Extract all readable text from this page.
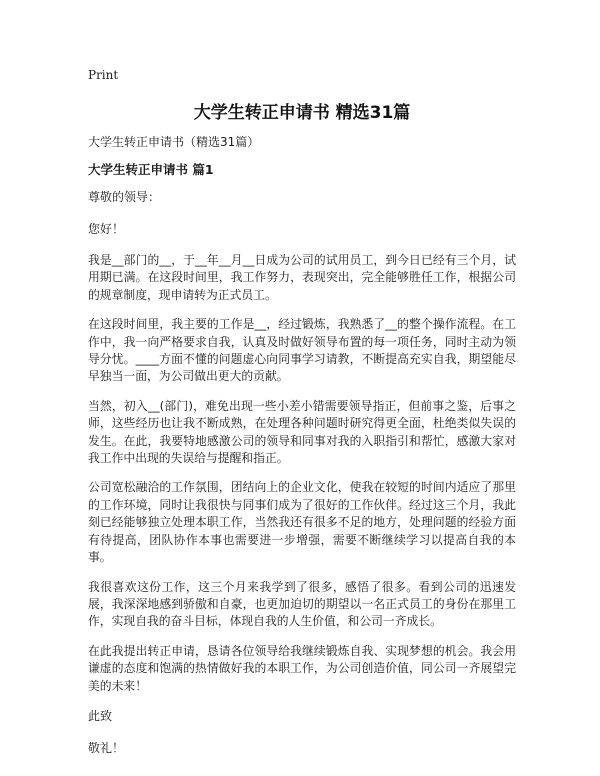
Print
大学生转正申请书 精选31篇
大学生转正申请书（精选31篇）
大学生转正申请书 篇1
尊敬的领导：
您好！

我是__部门的__，于__年__月__日成为公司的试用员工，到今日已经有三个月，试用期已满。在这段时间里，我工作努力，表现突出，完全能够胜任工作，根据公司的规章制度，现申请转为正式员工。

在这段时间里，我主要的工作是__，经过锻炼，我熟悉了__的整个操作流程。在工作中，我一向严格要求自我，认真及时做好领导布置的每一项任务，同时主动为领导分忧。____方面不懂的问题虚心向同事学习请教，不断提高充实自我，期望能尽早独当一面，为公司做出更大的贡献。

当然，初入__(部门)，难免出现一些小差小错需要领导指正，但前事之鉴，后事之师，这些经历也让我不断成熟，在处理各种问题时研究得更全面，杜绝类似失误的发生。在此，我要特地感激公司的领导和同事对我的入职指引和帮忙，感激大家对我工作中出现的失误给与提醒和指正。

公司宽松融洽的工作氛围，团结向上的企业文化，使我在较短的时间内适应了那里的工作环境，同时让我很快与同事们成为了很好的工作伙伴。经过这三个月，我此刻已经能够独立处理本职工作，当然我还有很多不足的地方，处理问题的经验方面有待提高，团队协作本事也需要进一步增强，需要不断继续学习以提高自我的本事。

我很喜欢这份工作，这三个月来我学到了很多，感悟了很多。看到公司的迅速发展，我深深地感到骄傲和自豪，也更加迫切的期望以一名正式员工的身份在那里工作，实现自我的奋斗目标，体现自我的人生价值，和公司一齐成长。

在此我提出转正申请，恳请各位领导给我继续锻炼自我、实现梦想的机会。我会用谦虚的态度和饱满的热情做好我的本职工作，为公司创造价值，同公司一齐展望完美的未来！

此致
敬礼！
